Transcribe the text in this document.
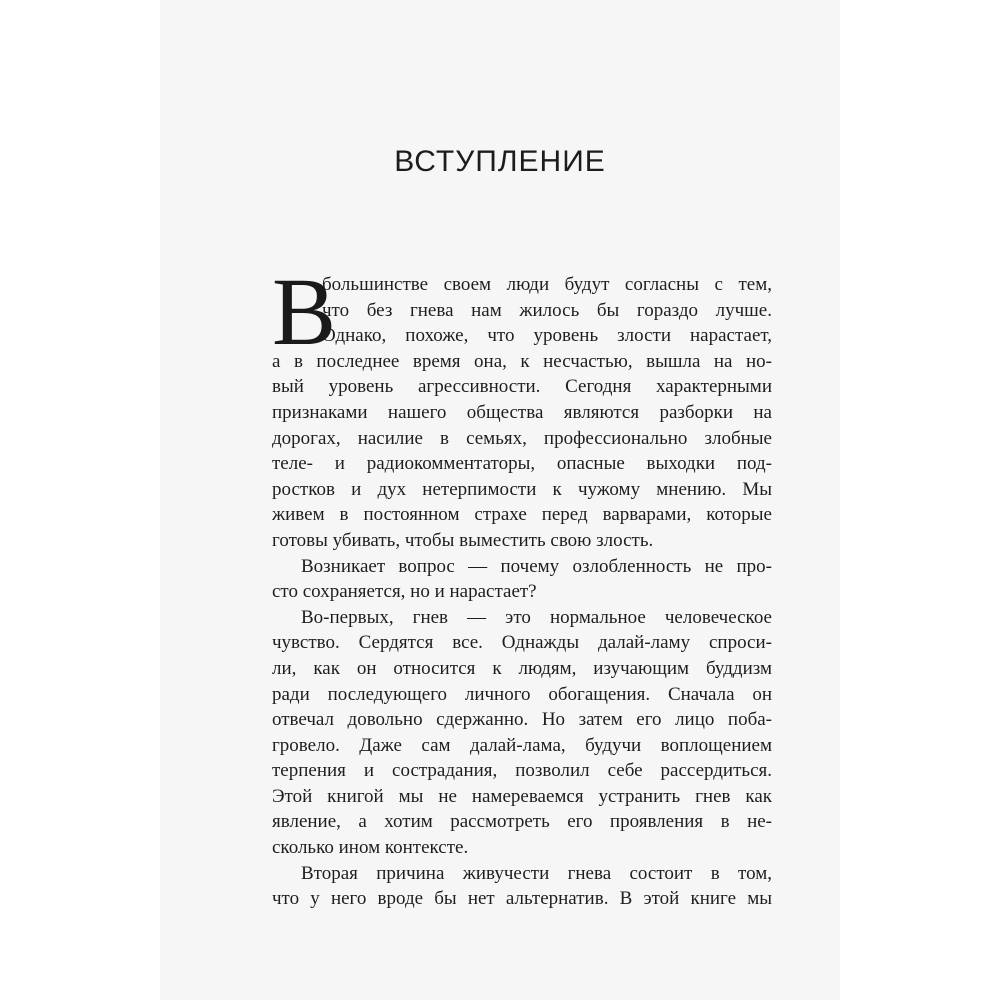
ВСТУПЛЕНИЕ
В
большинстве своем люди будут согласны с тем,
что без гнева нам жилось бы гораздо лучше.
Однако, похоже, что уровень злости нарастает,
а в последнее время она, к несчастью, вышла на но-
вый уровень агрессивности. Сегодня характерными
признаками нашего общества являются разборки на
дорогах, насилие в семьях, профессионально злобные
теле- и радиокомментаторы, опасные выходки под-
ростков и дух нетерпимости к чужому мнению. Мы
живем в постоянном страхе перед варварами, которые
готовы убивать, чтобы выместить свою злость.
Возникает вопрос — почему озлобленность не про-
сто сохраняется, но и нарастает?
Во-первых, гнев — это нормальное человеческое
чувство. Сердятся все. Однажды далай-ламу спроси-
ли, как он относится к людям, изучающим буддизм
ради последующего личного обогащения. Сначала он
отвечал довольно сдержанно. Но затем его лицо поба-
гровело. Даже сам далай-лама, будучи воплощением
терпения и сострадания, позволил себе рассердиться.
Этой книгой мы не намереваемся устранить гнев как
явление, а хотим рассмотреть его проявления в не-
сколько ином контексте.
Вторая причина живучести гнева состоит в том,
что у него вроде бы нет альтернатив. В этой книге мы
